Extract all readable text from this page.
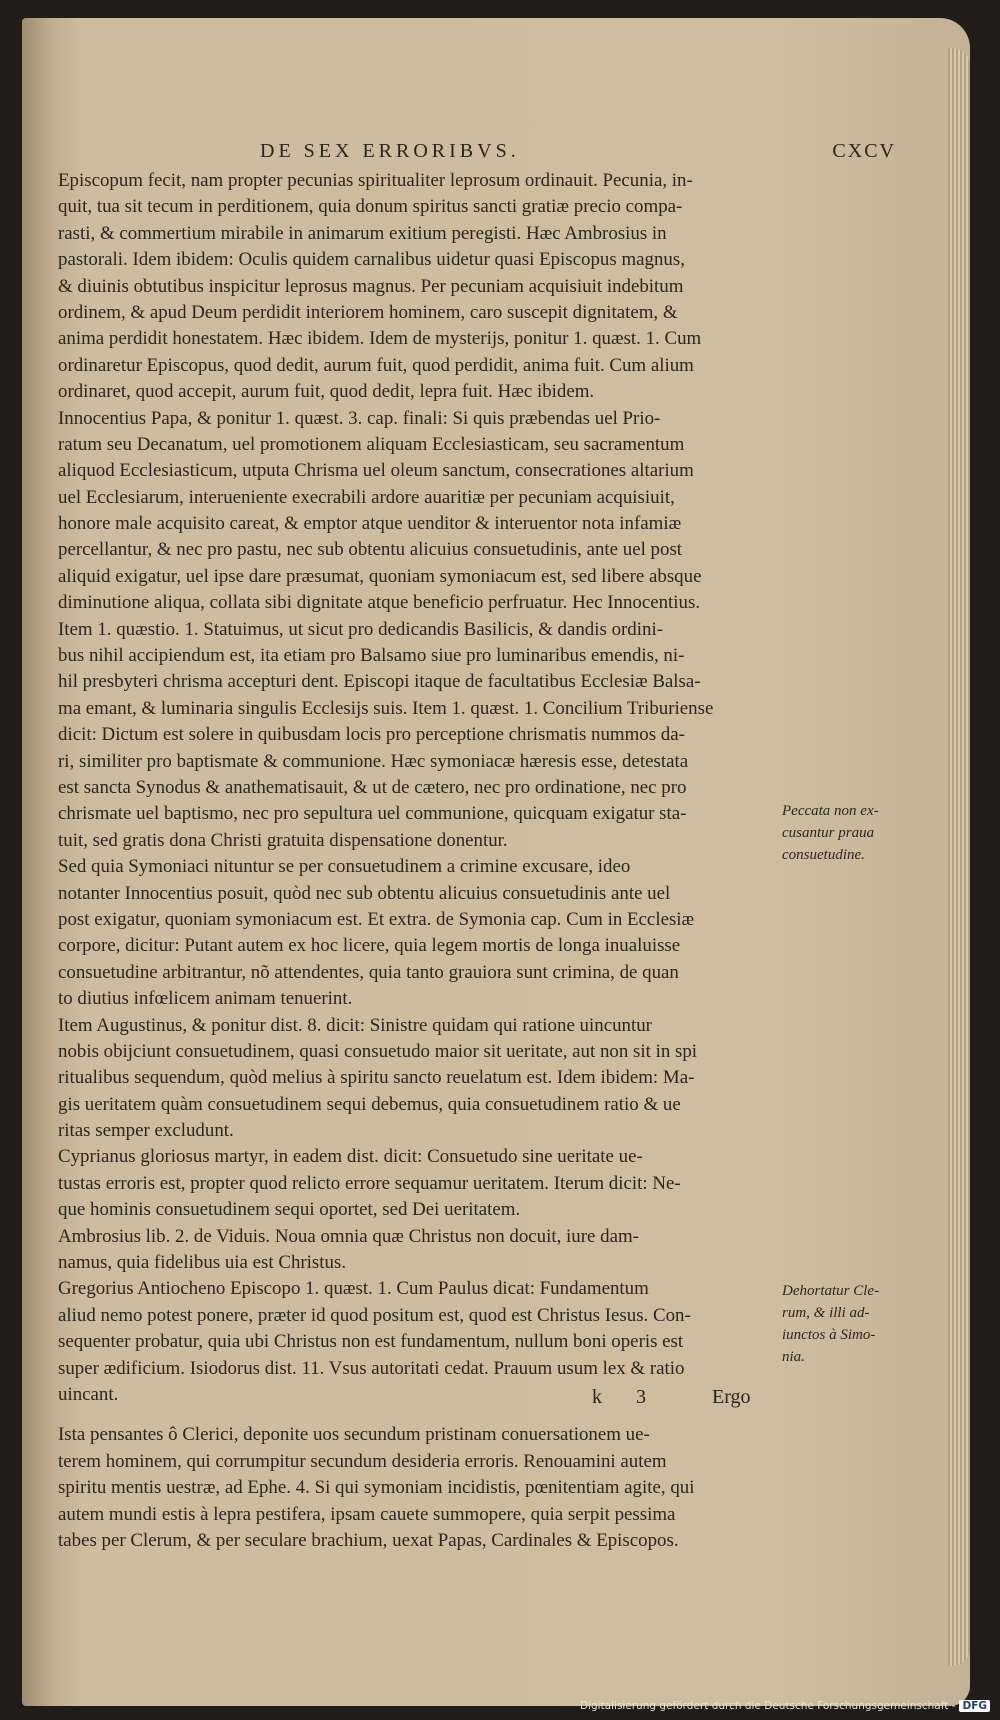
DE SEX ERRORIBVS.	CXCV
Episcopum fecit, nam propter pecunias spiritualiter leprosum ordinauit. Pecunia, in-
quit, tua sit tecum in perditionem, quia donum spiritus sancti gratiæ precio compa-
rasti, & commertium mirabile in animarum exitium peregisti. Hæc Ambrosius in
pastorali. Idem ibidem: Oculis quidem carnalibus uidetur quasi Episcopus magnus,
& diuinis obtutibus inspicitur leprosus magnus. Per pecuniam acquisiuit indebitum
ordinem, & apud Deum perdidit interiorem hominem, caro suscepit dignitatem, &
anima perdidit honestatem. Hæc ibidem. Idem de mysterijs, ponitur 1. quæst. 1. Cum
ordinaretur Episcopus, quod dedit, aurum fuit, quod perdidit, anima fuit. Cum alium
ordinaret, quod accepit, aurum fuit, quod dedit, lepra fuit. Hæc ibidem.
Innocentius Papa, & ponitur 1. quæst. 3. cap. finali: Si quis præbendas uel Prio-
ratum seu Decanatum, uel promotionem aliquam Ecclesiasticam, seu sacramentum
aliquod Ecclesiasticum, utputa Chrisma uel oleum sanctum, consecrationes altarium
uel Ecclesiarum, interueniente execrabili ardore auaritiæ per pecuniam acquisiuit,
honore male acquisito careat, & emptor atque uenditor & interuentor nota infamiæ
percellantur, & nec pro pastu, nec sub obtentu alicuius consuetudinis, ante uel post
aliquid exigatur, uel ipse dare præsumat, quoniam symoniacum est, sed libere absque
diminutione aliqua, collata sibi dignitate atque beneficio perfruatur. Hec Innocentius.
Item 1. quæstio. 1. Statuimus, ut sicut pro dedicandis Basilicis, & dandis ordini-
bus nihil accipiendum est, ita etiam pro Balsamo siue pro luminaribus emendis, ni-
hil presbyteri chrisma accepturi dent. Episcopi itaque de facultatibus Ecclesiæ Balsa-
ma emant, & luminaria singulis Ecclesijs suis. Item 1. quæst. 1. Concilium Triburiense
dicit: Dictum est solere in quibusdam locis pro perceptione chrismatis nummos da-
ri, similiter pro baptismate & communione. Hæc symoniacæ hæresis esse, detestata
est sancta Synodus & anathematisauit, & ut de cætero, nec pro ordinatione, nec pro
chrismate uel baptismo, nec pro sepultura uel communione, quicquam exigatur sta-
tuit, sed gratis dona Christi gratuita dispensatione donentur.
Sed quia Symoniaci nituntur se per consuetudinem a crimine excusare, ideo
notanter Innocentius posuit, quòd nec sub obtentu alicuius consuetudinis ante uel
post exigatur, quoniam symoniacum est. Et extra. de Symonia cap. Cum in Ecclesiæ
corpore, dicitur: Putant autem ex hoc licere, quia legem mortis de longa inualuisse
consuetudine arbitrantur, nõ attendentes, quia tanto grauiora sunt crimina, de quan
to diutius infœlicem animam tenuerint.
Item Augustinus, & ponitur dist. 8. dicit: Sinistre quidam qui ratione uincuntur
nobis obijciunt consuetudinem, quasi consuetudo maior sit ueritate, aut non sit in spi
ritualibus sequendum, quòd melius à spiritu sancto reuelatum est. Idem ibidem: Ma-
gis ueritatem quàm consuetudinem sequi debemus, quia consuetudinem ratio & ue
ritas semper excludunt.
Cyprianus gloriosus martyr, in eadem dist. dicit: Consuetudo sine ueritate ue-
tustas erroris est, propter quod relicto errore sequamur ueritatem. Iterum dicit: Ne-
que hominis consuetudinem sequi oportet, sed Dei ueritatem.
Ambrosius lib. 2. de Viduis. Noua omnia quæ Christus non docuit, iure dam-
namus, quia fidelibus uia est Christus.
Gregorius Antiocheno Episcopo 1. quæst. 1. Cum Paulus dicat: Fundamentum
aliud nemo potest ponere, præter id quod positum est, quod est Christus Iesus. Con-
sequenter probatur, quia ubi Christus non est fundamentum, nullum boni operis est
super ædificium. Isiodorus dist. 11. Vsus autoritati cedat. Prauum usum lex & ratio
uincant.
Ista pensantes ô Clerici, deponite uos secundum pristinam conuersationem ue-
terem hominem, qui corrumpitur secundum desideria erroris. Renouamini autem
spiritu mentis uestræ, ad Ephe. 4. Si qui symoniam incidistis, pœnitentiam agite, qui
autem mundi estis à lepra pestifera, ipsam cauete summopere, quia serpit pessima
tabes per Clerum, & per seculare brachium, uexat Papas, Cardinales & Episcopos.
Peccata non ex-
cusantur praua
consuetudine.
Dehortatur Cle-
rum, & illi ad-
iunctos à Simo-
nia.
k 3	Ergo
Digitalisierung gefördert durch die Deutsche Forschungsgemeinschaft - DFG
